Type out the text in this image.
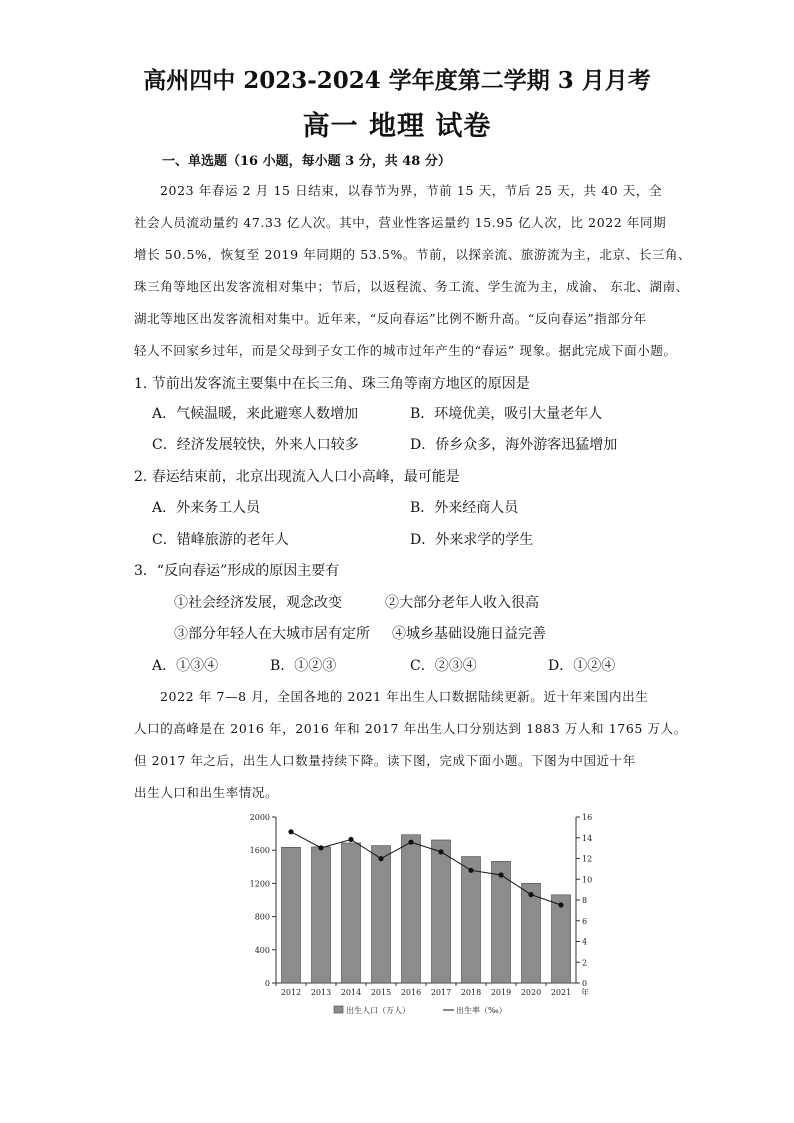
高州四中 2023-2024 学年度第二学期 3 月月考
高一 地理 试卷
一、单选题（16 小题，每小题 3 分，共 48 分）
2023 年春运 2 月 15 日结束，以春节为界，节前 15 天，节后 25 天，共 40 天，全
社会人员流动量约 47.33 亿人次。其中，营业性客运量约 15.95 亿人次，比 2022 年同期
增长 50.5%，恢复至 2019 年同期的 53.5%。节前，以探亲流、旅游流为主，北京、长三角、
珠三角等地区出发客流相对集中；节后，以返程流、务工流、学生流为主，成渝、 东北、湖南、
湖北等地区出发客流相对集中。近年来，“反向春运”比例不断升高。“反向春运”指部分年
轻人不回家乡过年，而是父母到子女工作的城市过年产生的“春运” 现象。据此完成下面小题。
1. 节前出发客流主要集中在长三角、珠三角等南方地区的原因是
A．气候温暖，来此避寒人数增加	B．环境优美，吸引大量老年人
C．经济发展较快，外来人口较多	D．侨乡众多，海外游客迅猛增加
2. 春运结束前，北京出现流入人口小高峰，最可能是
A．外来务工人员	B．外来经商人员
C．错峰旅游的老年人	D．外来求学的学生
3．“反向春运”形成的原因主要有
①社会经济发展，观念改变	②大部分老年人收入很高
③部分年轻人在大城市居有定所 ④城乡基础设施日益完善
A．①③④	B．①②③	C．②③④	D．①②④
2022 年 7—8 月，全国各地的 2021 年出生人口数据陆续更新。近十年来国内出生
人口的高峰是在 2016 年，2016 年和 2017 年出生人口分别达到 1883 万人和 1765 万人。
但 2017 年之后，出生人口数量持续下降。读下图，完成下面小题。下图为中国近十年
出生人口和出生率情况。
0
400
800
1200
1600
2000
0
2
4
6
8
10
12
14
16
2012 2013 2014 2015 2016 2017 2018 2019 2020 2021 年
出生人口（万人）	出生率（‰）
